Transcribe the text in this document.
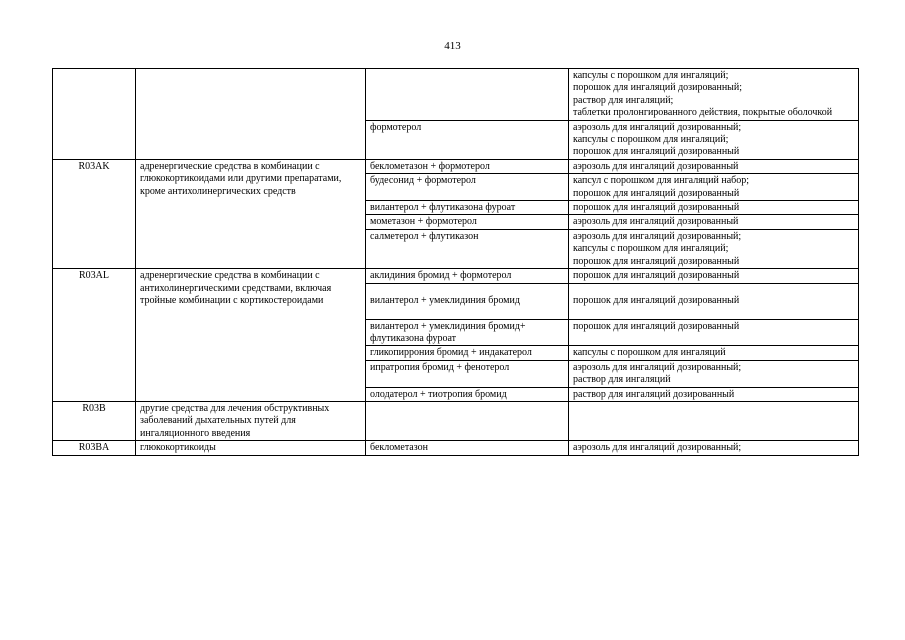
413
			капсулы с порошком для ингаляций;
порошок для ингаляций дозированный;
раствор для ингаляций;
таблетки пролонгированного действия, покрытые оболочкой
		формотерол	аэрозоль для ингаляций дозированный;
капсулы с порошком для ингаляций;
порошок для ингаляций дозированный
R03AK	адренергические средства в комбинации с глюкокортикоидами или другими препаратами, кроме антихолинергических средств	беклометазон + формотерол	аэрозоль для ингаляций дозированный
		будесонид + формотерол	капсул с порошком для ингаляций набор;
порошок для ингаляций дозированный
		вилантерол + флутиказона фуроат	порошок для ингаляций дозированный
		мометазон + формотерол	аэрозоль для ингаляций дозированный
		салметерол + флутиказон	аэрозоль для ингаляций дозированный;
капсулы с порошком для ингаляций;
порошок для ингаляций дозированный
R03AL	адренергические средства в комбинации с антихолинергическими средствами, включая тройные комбинации с кортикостероидами	аклидиния бромид + формотерол	порошок для ингаляций дозированный
		вилантерол + умеклидиния бромид	порошок для ингаляций дозированный
		вилантерол + умеклидиния бромид+ флутиказона фуроат	порошок для ингаляций дозированный
		гликопиррония бромид + индакатерол	капсулы с порошком для ингаляций
		ипратропия бромид + фенотерол	аэрозоль для ингаляций дозированный;
раствор для ингаляций
		олодатерол + тиотропия бромид	раствор для ингаляций дозированный
R03B	другие средства для лечения обструктивных заболеваний дыхательных путей для ингаляционного введения		
R03BA	глюкокортикоиды	беклометазон	аэрозоль для ингаляций дозированный;
